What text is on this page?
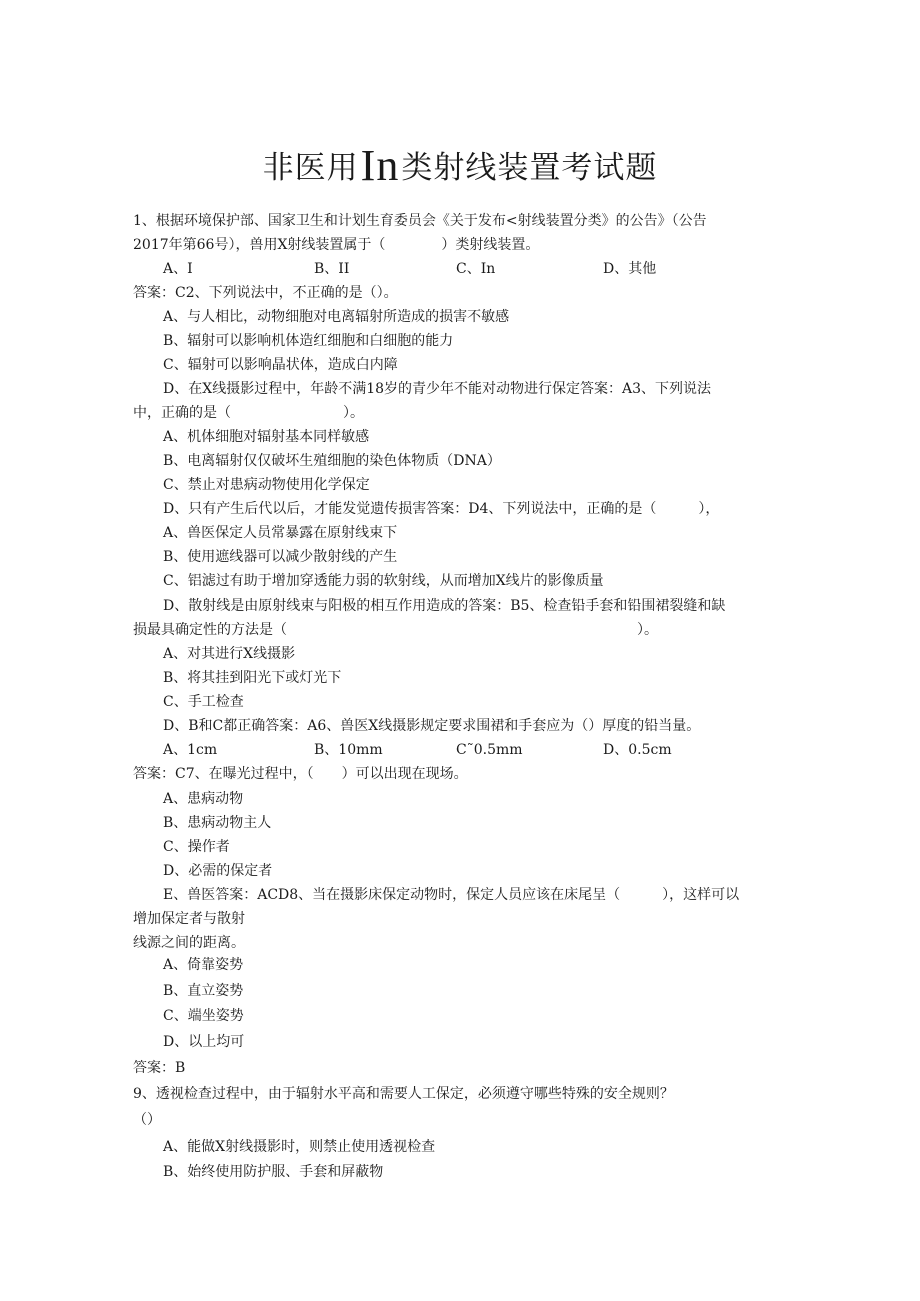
非医用In类射线装置考试题
1、根据环境保护部、国家卫生和计划生育委员会《关于发布<射线装置分类》的公告》（公告
2017年第66号），兽用X射线装置属于（　　　　）类射线装置。
A、I	B、II	C、In	D、其他
答案：C2、下列说法中，不正确的是（）。
A、与人相比，动物细胞对电离辐射所造成的损害不敏感
B、辐射可以影响机体造红细胞和白细胞的能力
C、辐射可以影响晶状体，造成白内障
D、在X线摄影过程中，年龄不满18岁的青少年不能对动物进行保定答案：A3、下列说法
中，正确的是（　　　　　　　　）。
A、机体细胞对辐射基本同样敏感
B、电离辐射仅仅破坏生殖细胞的染色体物质（DNA）
C、禁止对患病动物使用化学保定
D、只有产生后代以后，才能发觉遗传损害答案：D4、下列说法中，正确的是（　　　），
A、兽医保定人员常暴露在原射线束下
B、使用遮线器可以减少散射线的产生
C、铝滤过有助于增加穿透能力弱的软射线，从而增加X线片的影像质量
D、散射线是由原射线束与阳极的相互作用造成的答案：B5、检查铅手套和铅围裙裂缝和缺
损最具确定性的方法是（　　　　　　　　　　　　　　　　　　　　　　　　　）。
A、对其进行X线摄影
B、将其挂到阳光下或灯光下
C、手工检查
D、B和C都正确答案：A6、兽医X线摄影规定要求围裙和手套应为（）厚度的铅当量。
A、1cm	B、10mm	C˜0.5mm	D、0.5cm
答案：C7、在曝光过程中，（　　）可以出现在现场。
A、患病动物
B、患病动物主人
C、操作者
D、必需的保定者
E、兽医答案：ACD8、当在摄影床保定动物时，保定人员应该在床尾呈（　　　），这样可以
增加保定者与散射
线源之间的距离。
A、倚靠姿势
B、直立姿势
C、端坐姿势
D、以上均可
答案：B
9、透视检查过程中，由于辐射水平高和需要人工保定，必须遵守哪些特殊的安全规则？
（）
A、能做X射线摄影时，则禁止使用透视检查
B、始终使用防护服、手套和屏蔽物
